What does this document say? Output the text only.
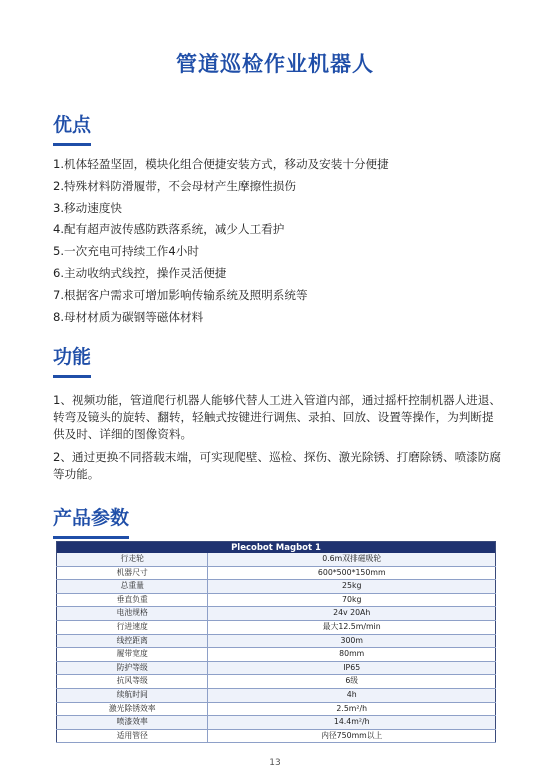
管道巡检作业机器人
优点
1.机体轻盈坚固，模块化组合便捷安装方式，移动及安装十分便捷
2.特殊材料防滑履带，不会母材产生摩擦性损伤
3.移动速度快
4.配有超声波传感防跌落系统，减少人工看护
5.一次充电可持续工作4小时
6.主动收纳式线控，操作灵活便捷
7.根据客户需求可增加影响传输系统及照明系统等
8.母材材质为碳钢等磁体材料
功能

1、视频功能，管道爬行机器人能够代替人工进入管道内部，通过摇杆控制机器人进退、转弯及镜头的旋转、翻转，轻触式按键进行调焦、录拍、回放、设置等操作，为判断提供及时、详细的图像资料。

2、通过更换不同搭载末端，可实现爬壁、巡检、探伤、激光除锈、打磨除锈、喷漆防腐等功能。

产品参数
Plecobot Magbot 1	
行走轮	0.6m双排磁吸轮
机器尺寸	600*500*150mm
总重量	25kg
垂直负重	70kg
电池规格	24v 20Ah
行进速度	最大12.5m/min
线控距离	300m
履带宽度	80mm
防护等级	IP65
抗风等级	6级
续航时间	4h
激光除锈效率	2.5m²/h
喷漆效率	14.4m²/h
适用管径	内径750mm以上
13
